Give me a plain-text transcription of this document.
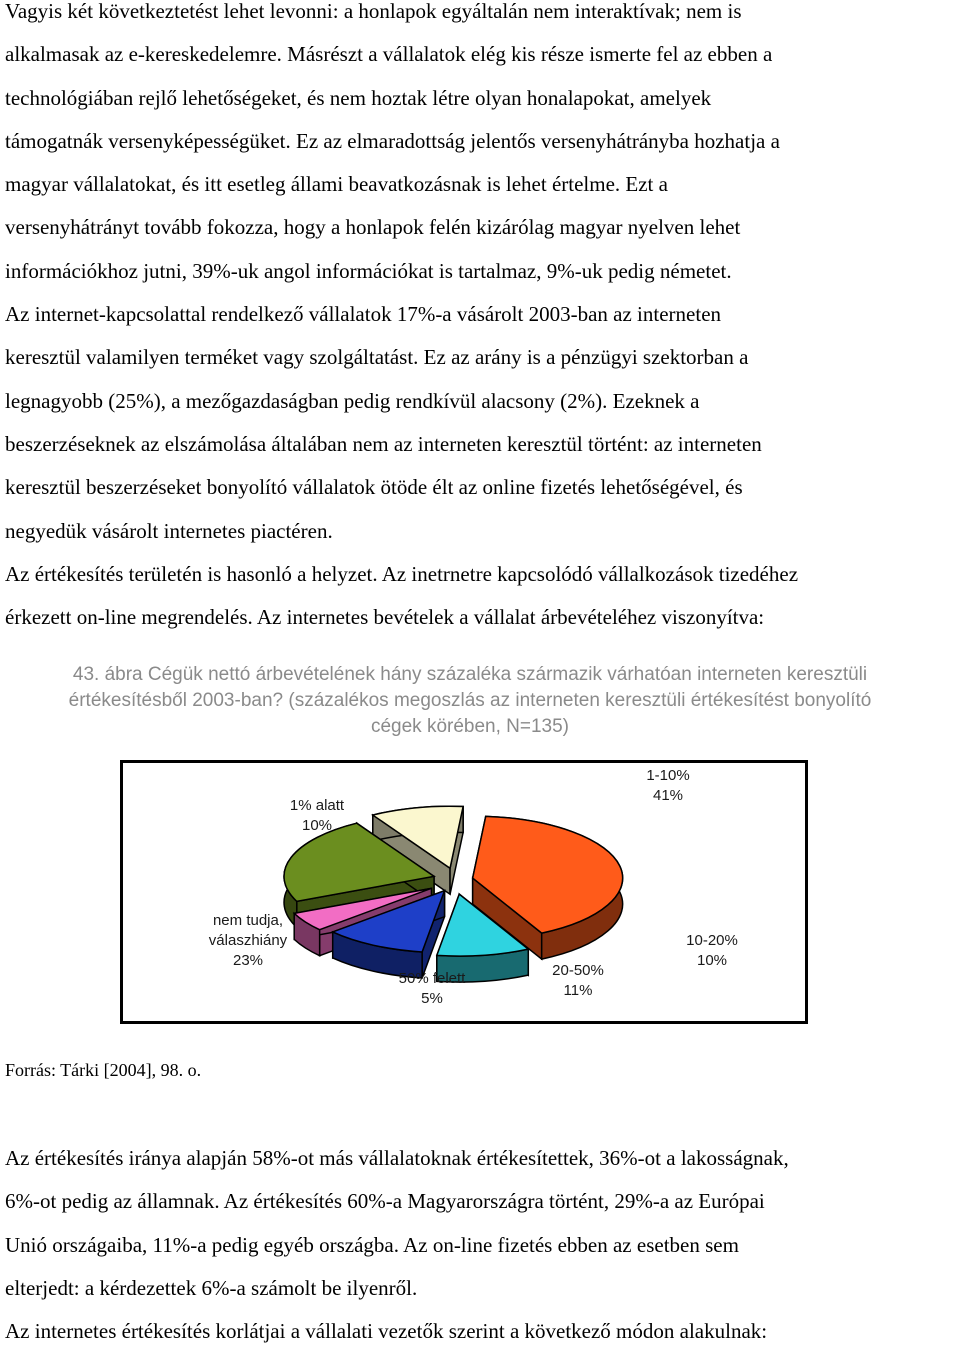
Vagyis két következtetést lehet levonni: a honlapok egyáltalán nem interaktívak; nem is
alkalmasak az e-kereskedelemre. Másrészt a vállalatok elég kis része ismerte fel az ebben a
technológiában rejlő lehetőségeket, és nem hoztak létre olyan honalapokat, amelyek
támogatnák versenyképességüket. Ez az elmaradottság jelentős versenyhátrányba hozhatja a
magyar vállalatokat, és itt esetleg állami beavatkozásnak is lehet értelme. Ezt a
versenyhátrányt tovább fokozza, hogy a honlapok felén kizárólag magyar nyelven lehet
információkhoz jutni, 39%-uk angol információkat is tartalmaz, 9%-uk pedig németet.
Az internet-kapcsolattal rendelkező vállalatok 17%-a vásárolt 2003-ban az interneten
keresztül valamilyen terméket vagy szolgáltatást. Ez az arány is a pénzügyi szektorban a
legnagyobb (25%), a mezőgazdaságban pedig rendkívül alacsony (2%). Ezeknek a
beszerzéseknek az elszámolása általában nem az interneten keresztül történt: az interneten
keresztül beszerzéseket bonyolító vállalatok ötöde élt az online fizetés lehetőségével, és
negyedük vásárolt internetes piactéren.
Az értékesítés területén is hasonló a helyzet. Az inetrnetre kapcsolódó vállalkozások tizedéhez
érkezett on-line megrendelés. Az internetes bevételek a vállalat árbevételéhez viszonyítva:
43. ábra Cégük nettó árbevételének hány százaléka származik várhatóan interneten keresztüli
értékesítésből 2003-ban? (százalékos megoszlás az interneten keresztüli értékesítést bonyolító
cégek körében, N=135)
1-10%
41%
10-20%
10%
20-50%
11%
50% felett
5%
nem tudja,
válaszhiány
23%
1% alatt
10%

Forrás: Tárki [2004], 98. o.

Az értékesítés iránya alapján 58%-ot más vállalatoknak értékesítettek, 36%-ot a lakosságnak,
6%-ot pedig az államnak. Az értékesítés 60%-a Magyarországra történt, 29%-a az Európai
Unió országaiba, 11%-a pedig egyéb országba. Az on-line fizetés ebben az esetben sem
elterjedt: a kérdezettek 6%-a számolt be ilyenről.
Az internetes értékesítés korlátjai a vállalati vezetők szerint a következő módon alakulnak:
